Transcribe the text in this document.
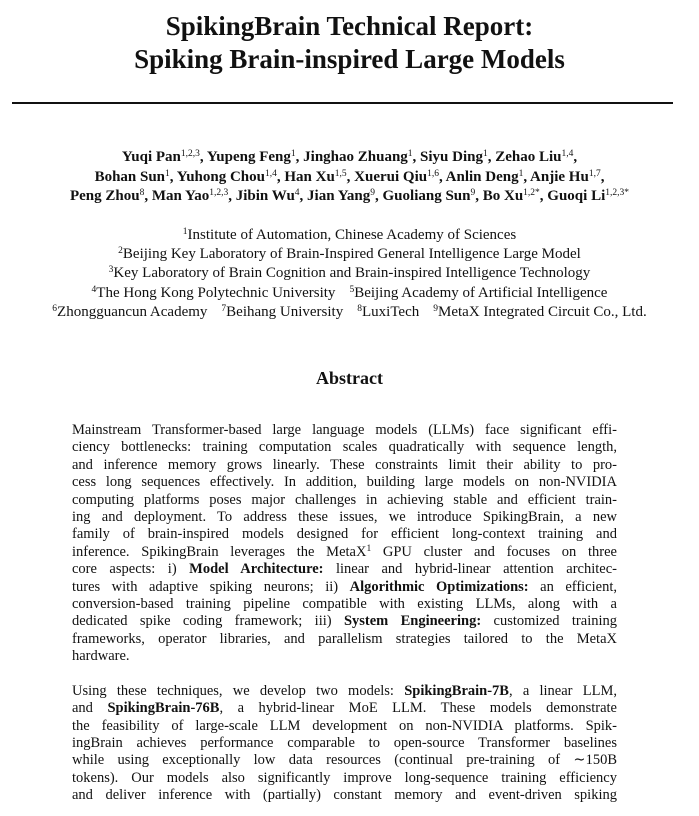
SpikingBrain Technical Report:
Spiking Brain-inspired Large Models
Yuqi Pan$^{1,2,3}$, Yupeng Feng$^1$, Jinghao Zhuang$^1$, Siyu Ding$^1$, Zehao Liu$^{1,4}$,
Bohan Sun$^1$, Yuhong Chou$^{1,4}$, Han Xu$^{1,5}$, Xuerui Qiu$^{1,6}$, Anlin Deng$^1$, Anjie Hu$^{1,7}$,
Peng Zhou$^8$, Man Yao$^{1,2,3}$, Jibin Wu$^4$, Jian Yang$^9$, Guoliang Sun$^9$, Bo $Xu^{1,2*}$, Guoqi $Li^{1,2,3*}$
$^1$Institute of Automation, Chinese Academy of Sciences
$^2$Beijing Key Laboratory of Brain-Inspired General Intelligence Large Model
$^3$Key Laboratory of Brain Cognition and Brain-inspired Intelligence Technology
$^4$The Hong Kong Polytechnic University $^5$Beijing Academy of Artificial Intelligence
$^6$Zhongguancun Academy $^7$Beihang University $^8$LuxiTech $^9$MetaX Integrated Circuit Co., Ltd.
Abstract

Mainstream Transformer-based large language models (LLMs) face significant effi-
ciency bottlenecks: training computation scales quadratically with sequence length,
and inference memory grows linearly. These constraints limit their ability to pro-
cess long sequences effectively. In addition, building large models on non-NVIDIA
computing platforms poses major challenges in achieving stable and efficient train-
ing and deployment. To address these issues, we introduce SpikingBrain, a new
family of brain-inspired models designed for efficient long-context training and
inference. SpikingBrain leverages the MetaX$^1$ GPU cluster and focuses on three
core aspects: i) Model Architecture: linear and hybrid-linear attention architec-
tures with adaptive spiking neurons; ii) Algorithmic Optimizations: an efficient,
conversion-based training pipeline compatible with existing LLMs, along with a
dedicated spike coding framework; iii) System Engineering: customized training
frameworks, operator libraries, and parallelism strategies tailored to the MetaX
hardware.

Using these techniques, we develop two models: SpikingBrain-7B, a linear LLM,
and SpikingBrain-76B, a hybrid-linear MoE LLM. These models demonstrate
the feasibility of large-scale LLM development on non-NVIDIA platforms. Spik-
ingBrain achieves performance comparable to open-source Transformer baselines
while using exceptionally low data resources (continual pre-training of ∼150B
tokens). Our models also significantly improve long-sequence training efficiency
and deliver inference with (partially) constant memory and event-driven spiking
